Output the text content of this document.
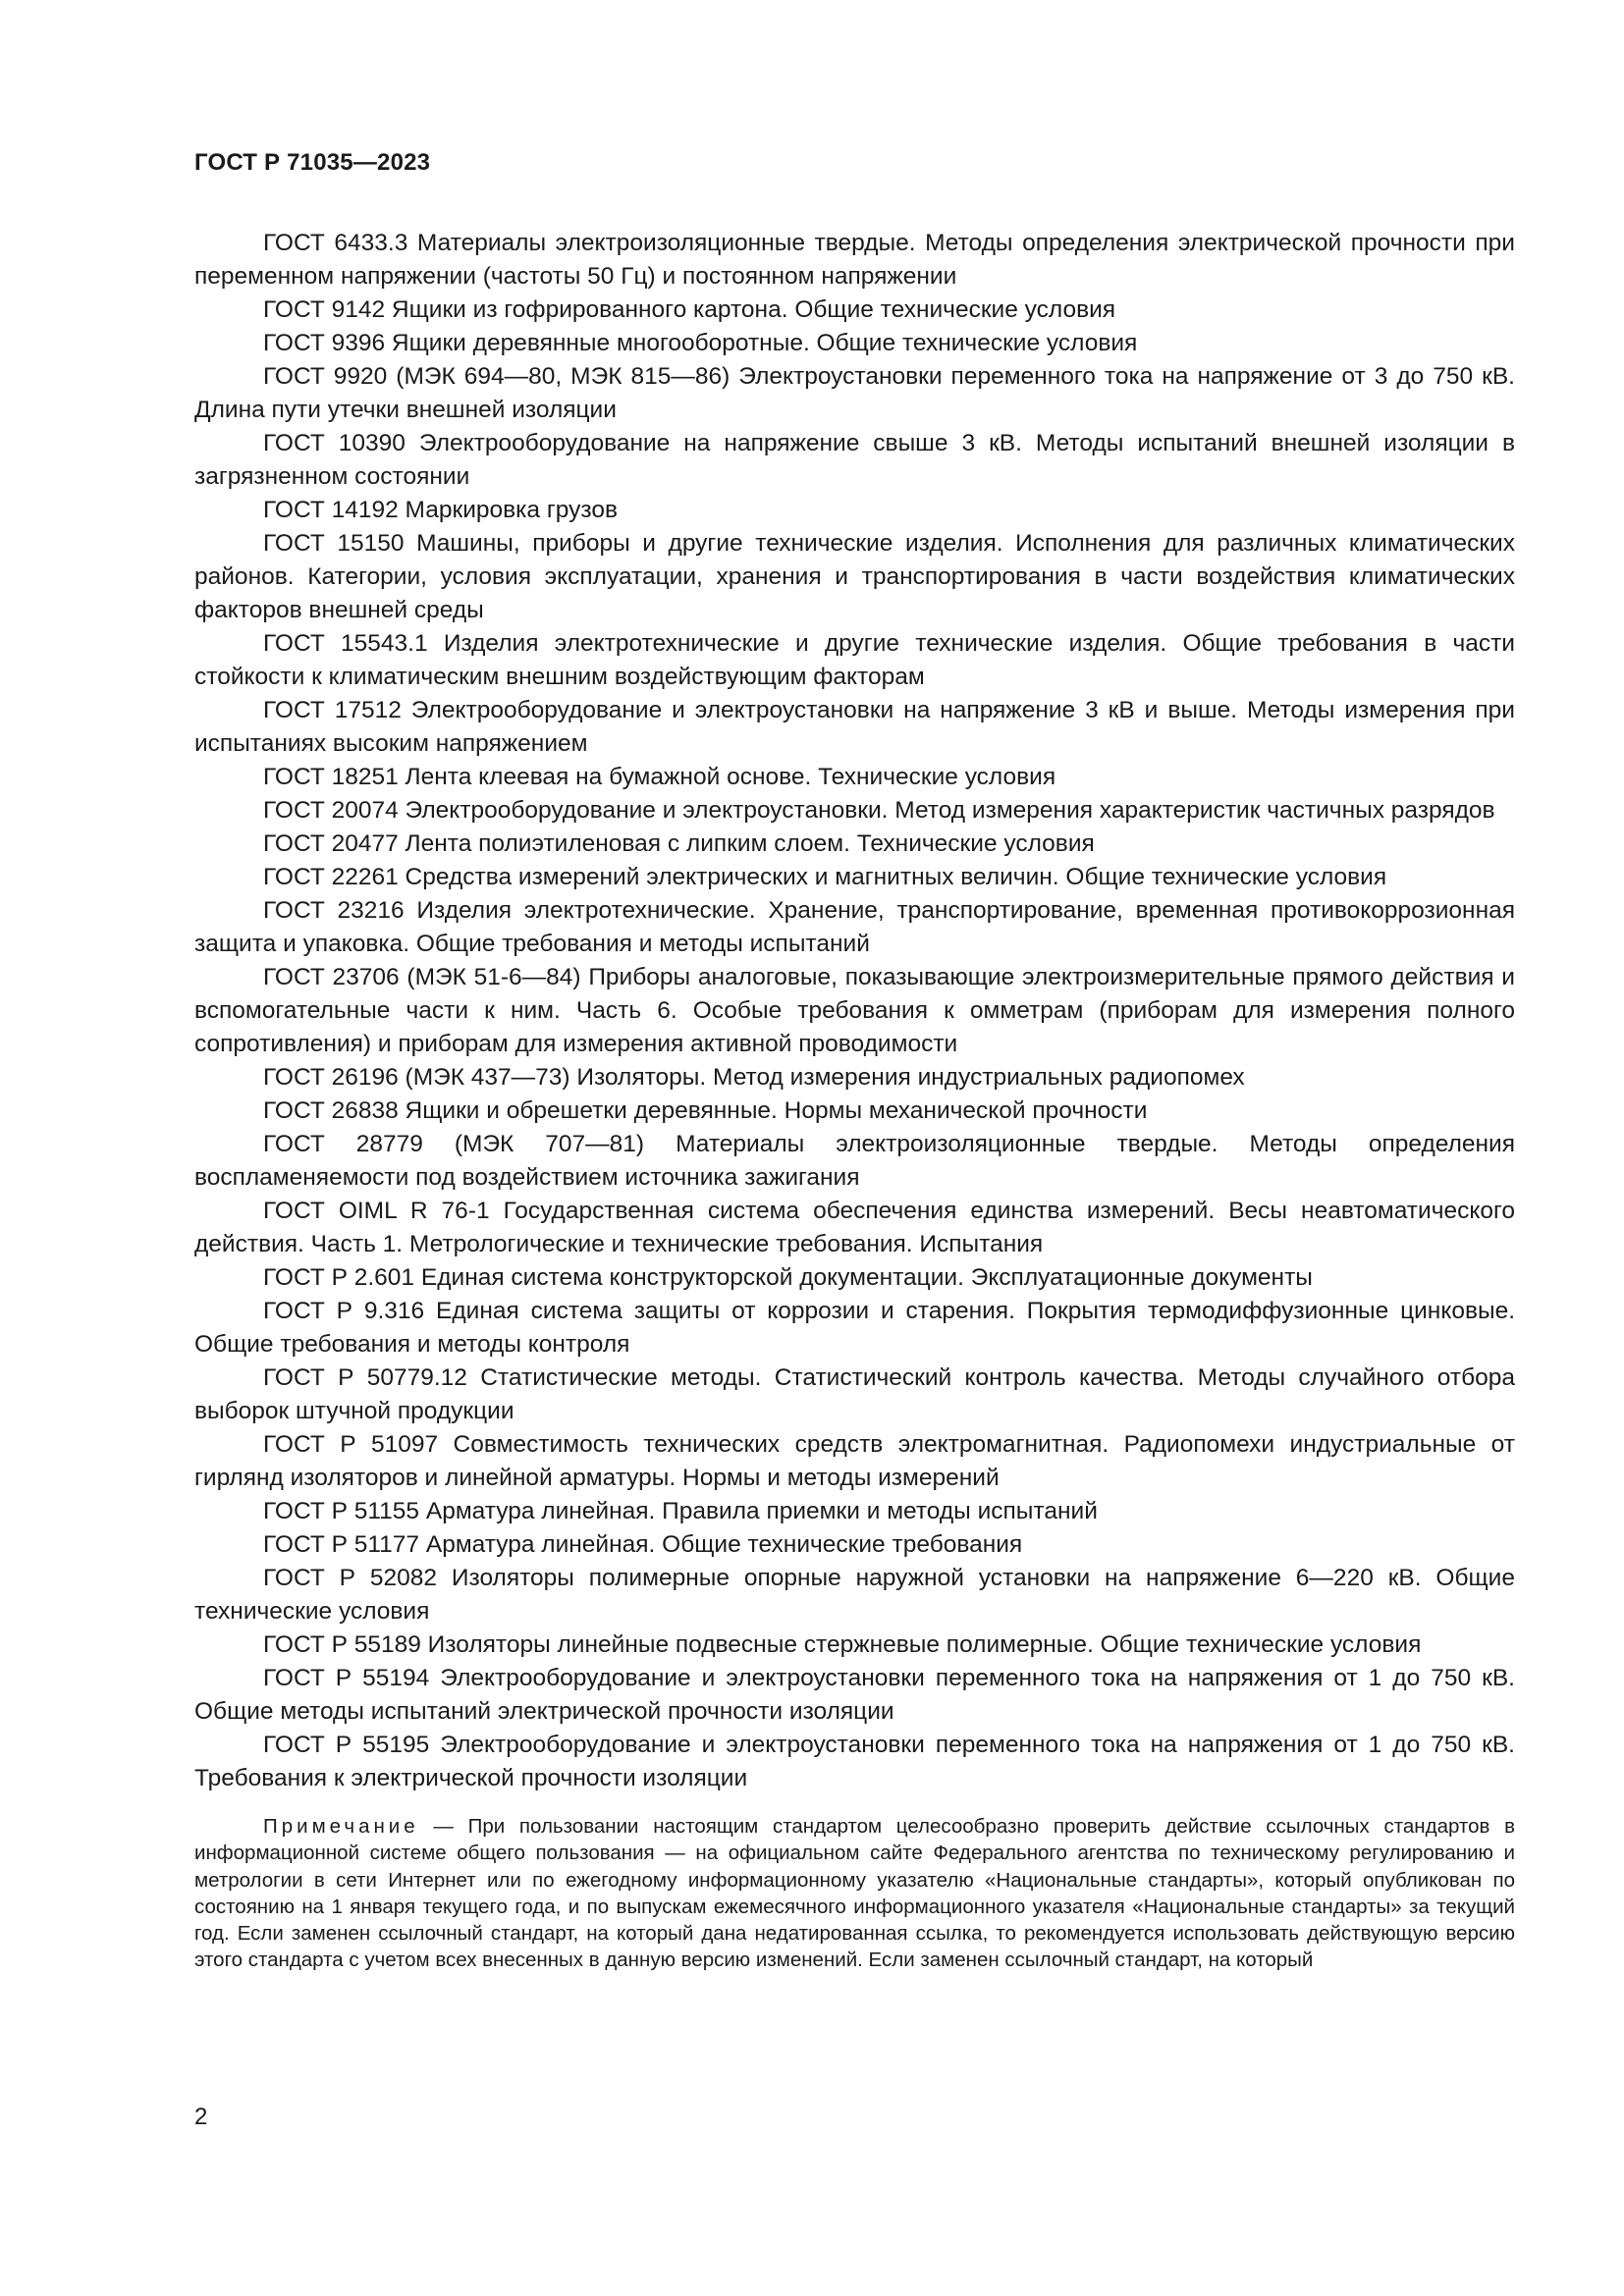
ГОСТ Р 71035—2023

ГОСТ 6433.3 Материалы электроизоляционные твердые. Методы определения электрической прочности при переменном напряжении (частоты 50 Гц) и постоянном напряжении

ГОСТ 9142 Ящики из гофрированного картона. Общие технические условия

ГОСТ 9396 Ящики деревянные многооборотные. Общие технические условия

ГОСТ 9920 (МЭК 694—80, МЭК 815—86) Электроустановки переменного тока на напряжение от 3 до 750 кВ. Длина пути утечки внешней изоляции

ГОСТ 10390 Электрооборудование на напряжение свыше 3 кВ. Методы испытаний внешней изоляции в загрязненном состоянии

ГОСТ 14192 Маркировка грузов

ГОСТ 15150 Машины, приборы и другие технические изделия. Исполнения для различных климатических районов. Категории, условия эксплуатации, хранения и транспортирования в части воздействия климатических факторов внешней среды

ГОСТ 15543.1 Изделия электротехнические и другие технические изделия. Общие требования в части стойкости к климатическим внешним воздействующим факторам

ГОСТ 17512 Электрооборудование и электроустановки на напряжение 3 кВ и выше. Методы измерения при испытаниях высоким напряжением

ГОСТ 18251 Лента клеевая на бумажной основе. Технические условия

ГОСТ 20074 Электрооборудование и электроустановки. Метод измерения характеристик частичных разрядов

ГОСТ 20477 Лента полиэтиленовая с липким слоем. Технические условия

ГОСТ 22261 Средства измерений электрических и магнитных величин. Общие технические условия

ГОСТ 23216 Изделия электротехнические. Хранение, транспортирование, временная противокоррозионная защита и упаковка. Общие требования и методы испытаний

ГОСТ 23706 (МЭК 51-6—84) Приборы аналоговые, показывающие электроизмерительные прямого действия и вспомогательные части к ним. Часть 6. Особые требования к омметрам (приборам для измерения полного сопротивления) и приборам для измерения активной проводимости

ГОСТ 26196 (МЭК 437—73) Изоляторы. Метод измерения индустриальных радиопомех

ГОСТ 26838 Ящики и обрешетки деревянные. Нормы механической прочности

ГОСТ 28779 (МЭК 707—81) Материалы электроизоляционные твердые. Методы определения воспламеняемости под воздействием источника зажигания

ГОСТ OIML R 76-1 Государственная система обеспечения единства измерений. Весы неавтоматического действия. Часть 1. Метрологические и технические требования. Испытания

ГОСТ Р 2.601 Единая система конструкторской документации. Эксплуатационные документы

ГОСТ Р 9.316 Единая система защиты от коррозии и старения. Покрытия термодиффузионные цинковые. Общие требования и методы контроля

ГОСТ Р 50779.12 Статистические методы. Статистический контроль качества. Методы случайного отбора выборок штучной продукции

ГОСТ Р 51097 Совместимость технических средств электромагнитная. Радиопомехи индустриальные от гирлянд изоляторов и линейной арматуры. Нормы и методы измерений

ГОСТ Р 51155 Арматура линейная. Правила приемки и методы испытаний

ГОСТ Р 51177 Арматура линейная. Общие технические требования

ГОСТ Р 52082 Изоляторы полимерные опорные наружной установки на напряжение 6—220 кВ. Общие технические условия

ГОСТ Р 55189 Изоляторы линейные подвесные стержневые полимерные. Общие технические условия

ГОСТ Р 55194 Электрооборудование и электроустановки переменного тока на напряжения от 1 до 750 кВ. Общие методы испытаний электрической прочности изоляции

ГОСТ Р 55195 Электрооборудование и электроустановки переменного тока на напряжения от 1 до 750 кВ. Требования к электрической прочности изоляции

Примечание — При пользовании настоящим стандартом целесообразно проверить действие ссылочных стандартов в информационной системе общего пользования — на официальном сайте Федерального агентства по техническому регулированию и метрологии в сети Интернет или по ежегодному информационному указателю «Национальные стандарты», который опубликован по состоянию на 1 января текущего года, и по выпускам ежемесячного информационного указателя «Национальные стандарты» за текущий год. Если заменен ссылочный стандарт, на который дана недатированная ссылка, то рекомендуется использовать действующую версию этого стандарта с учетом всех внесенных в данную версию изменений. Если заменен ссылочный стандарт, на который

2
